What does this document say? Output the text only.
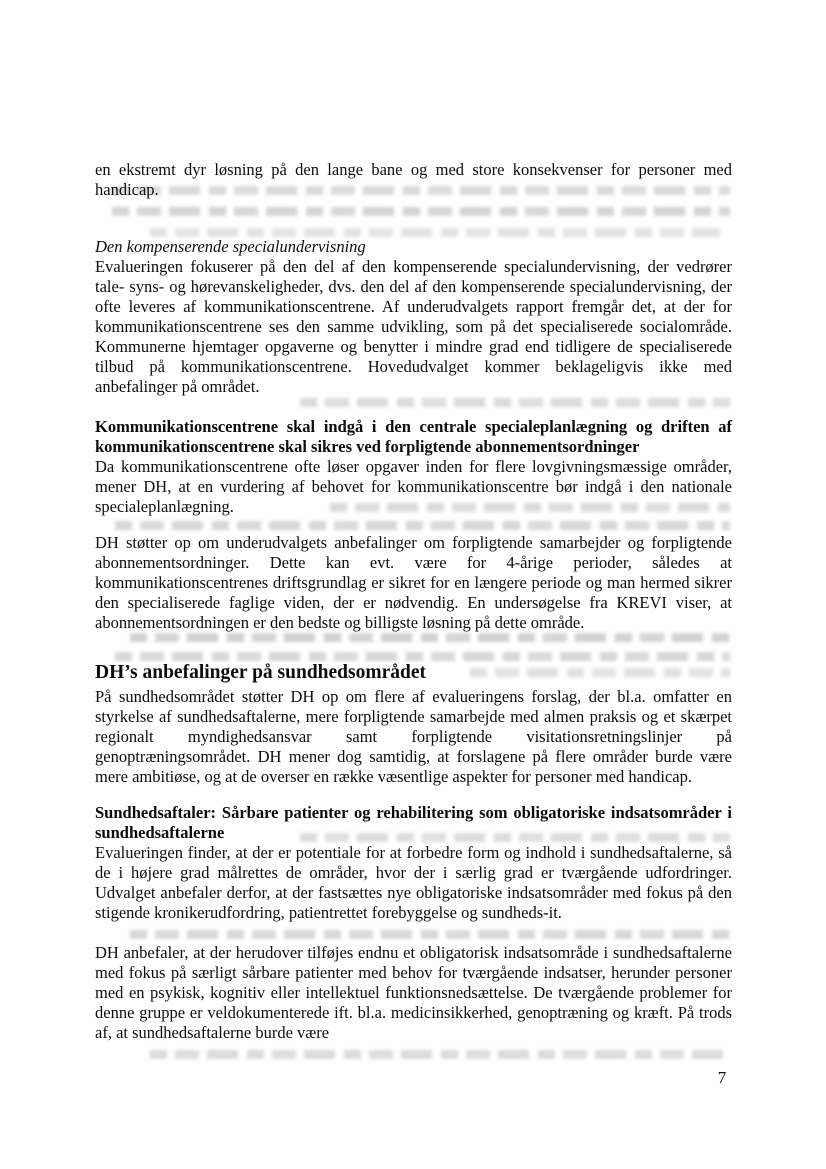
en ekstremt dyr løsning på den lange bane og med store konsekvenser for personer med handicap.

Den kompenserende specialundervisning

Evalueringen fokuserer på den del af den kompenserende specialundervisning, der vedrører tale- syns- og hørevanskeligheder, dvs. den del af den kompenserende specialundervisning, der ofte leveres af kommunikationscentrene. Af underudvalgets rapport fremgår det, at der for kommunikationscentrene ses den samme udvikling, som på det specialiserede socialområde. Kommunerne hjemtager opgaverne og benytter i mindre grad end tidligere de specialiserede tilbud på kommunikationscentrene. Hovedudvalget kommer beklageligvis ikke med anbefalinger på området.

Kommunikationscentrene skal indgå i den centrale specialeplanlægning og driften af kommunikationscentrene skal sikres ved forpligtende abonnementsordninger

Da kommunikationscentrene ofte løser opgaver inden for flere lovgivningsmæssige områder, mener DH, at en vurdering af behovet for kommunikationscentre bør indgå i den nationale specialeplanlægning.

DH støtter op om underudvalgets anbefalinger om forpligtende samarbejder og forpligtende abonnementsordninger. Dette kan evt. være for 4-årige perioder, således at kommunikationscentrenes driftsgrundlag er sikret for en længere periode og man hermed sikrer den specialiserede faglige viden, der er nødvendig. En undersøgelse fra KREVI viser, at abonnementsordningen er den bedste og billigste løsning på dette område.

DH’s anbefalinger på sundhedsområdet

På sundhedsområdet støtter DH op om flere af evalueringens forslag, der bl.a. omfatter en styrkelse af sundhedsaftalerne, mere forpligtende samarbejde med almen praksis og et skærpet regionalt myndighedsansvar samt forpligtende visitationsretningslinjer på genoptræningsområdet. DH mener dog samtidig, at forslagene på flere områder burde være mere ambitiøse, og at de overser en række væsentlige aspekter for personer med handicap.

Sundhedsaftaler: Sårbare patienter og rehabilitering som obligatoriske indsatsområder i sundhedsaftalerne

Evalueringen finder, at der er potentiale for at forbedre form og indhold i sundhedsaftalerne, så de i højere grad målrettes de områder, hvor der i særlig grad er tværgående udfordringer. Udvalget anbefaler derfor, at der fastsættes nye obligatoriske indsatsområder med fokus på den stigende kronikerudfordring, patientrettet forebyggelse og sundheds-it.

DH anbefaler, at der herudover tilføjes endnu et obligatorisk indsatsområde i sundhedsaftalerne med fokus på særligt sårbare patienter med behov for tværgående indsatser, herunder personer med en psykisk, kognitiv eller intellektuel funktionsnedsættelse. De tværgående problemer for denne gruppe er veldokumenterede ift. bl.a. medicinsikkerhed, genoptræning og kræft. På trods af, at sundhedsaftalerne burde være

7
